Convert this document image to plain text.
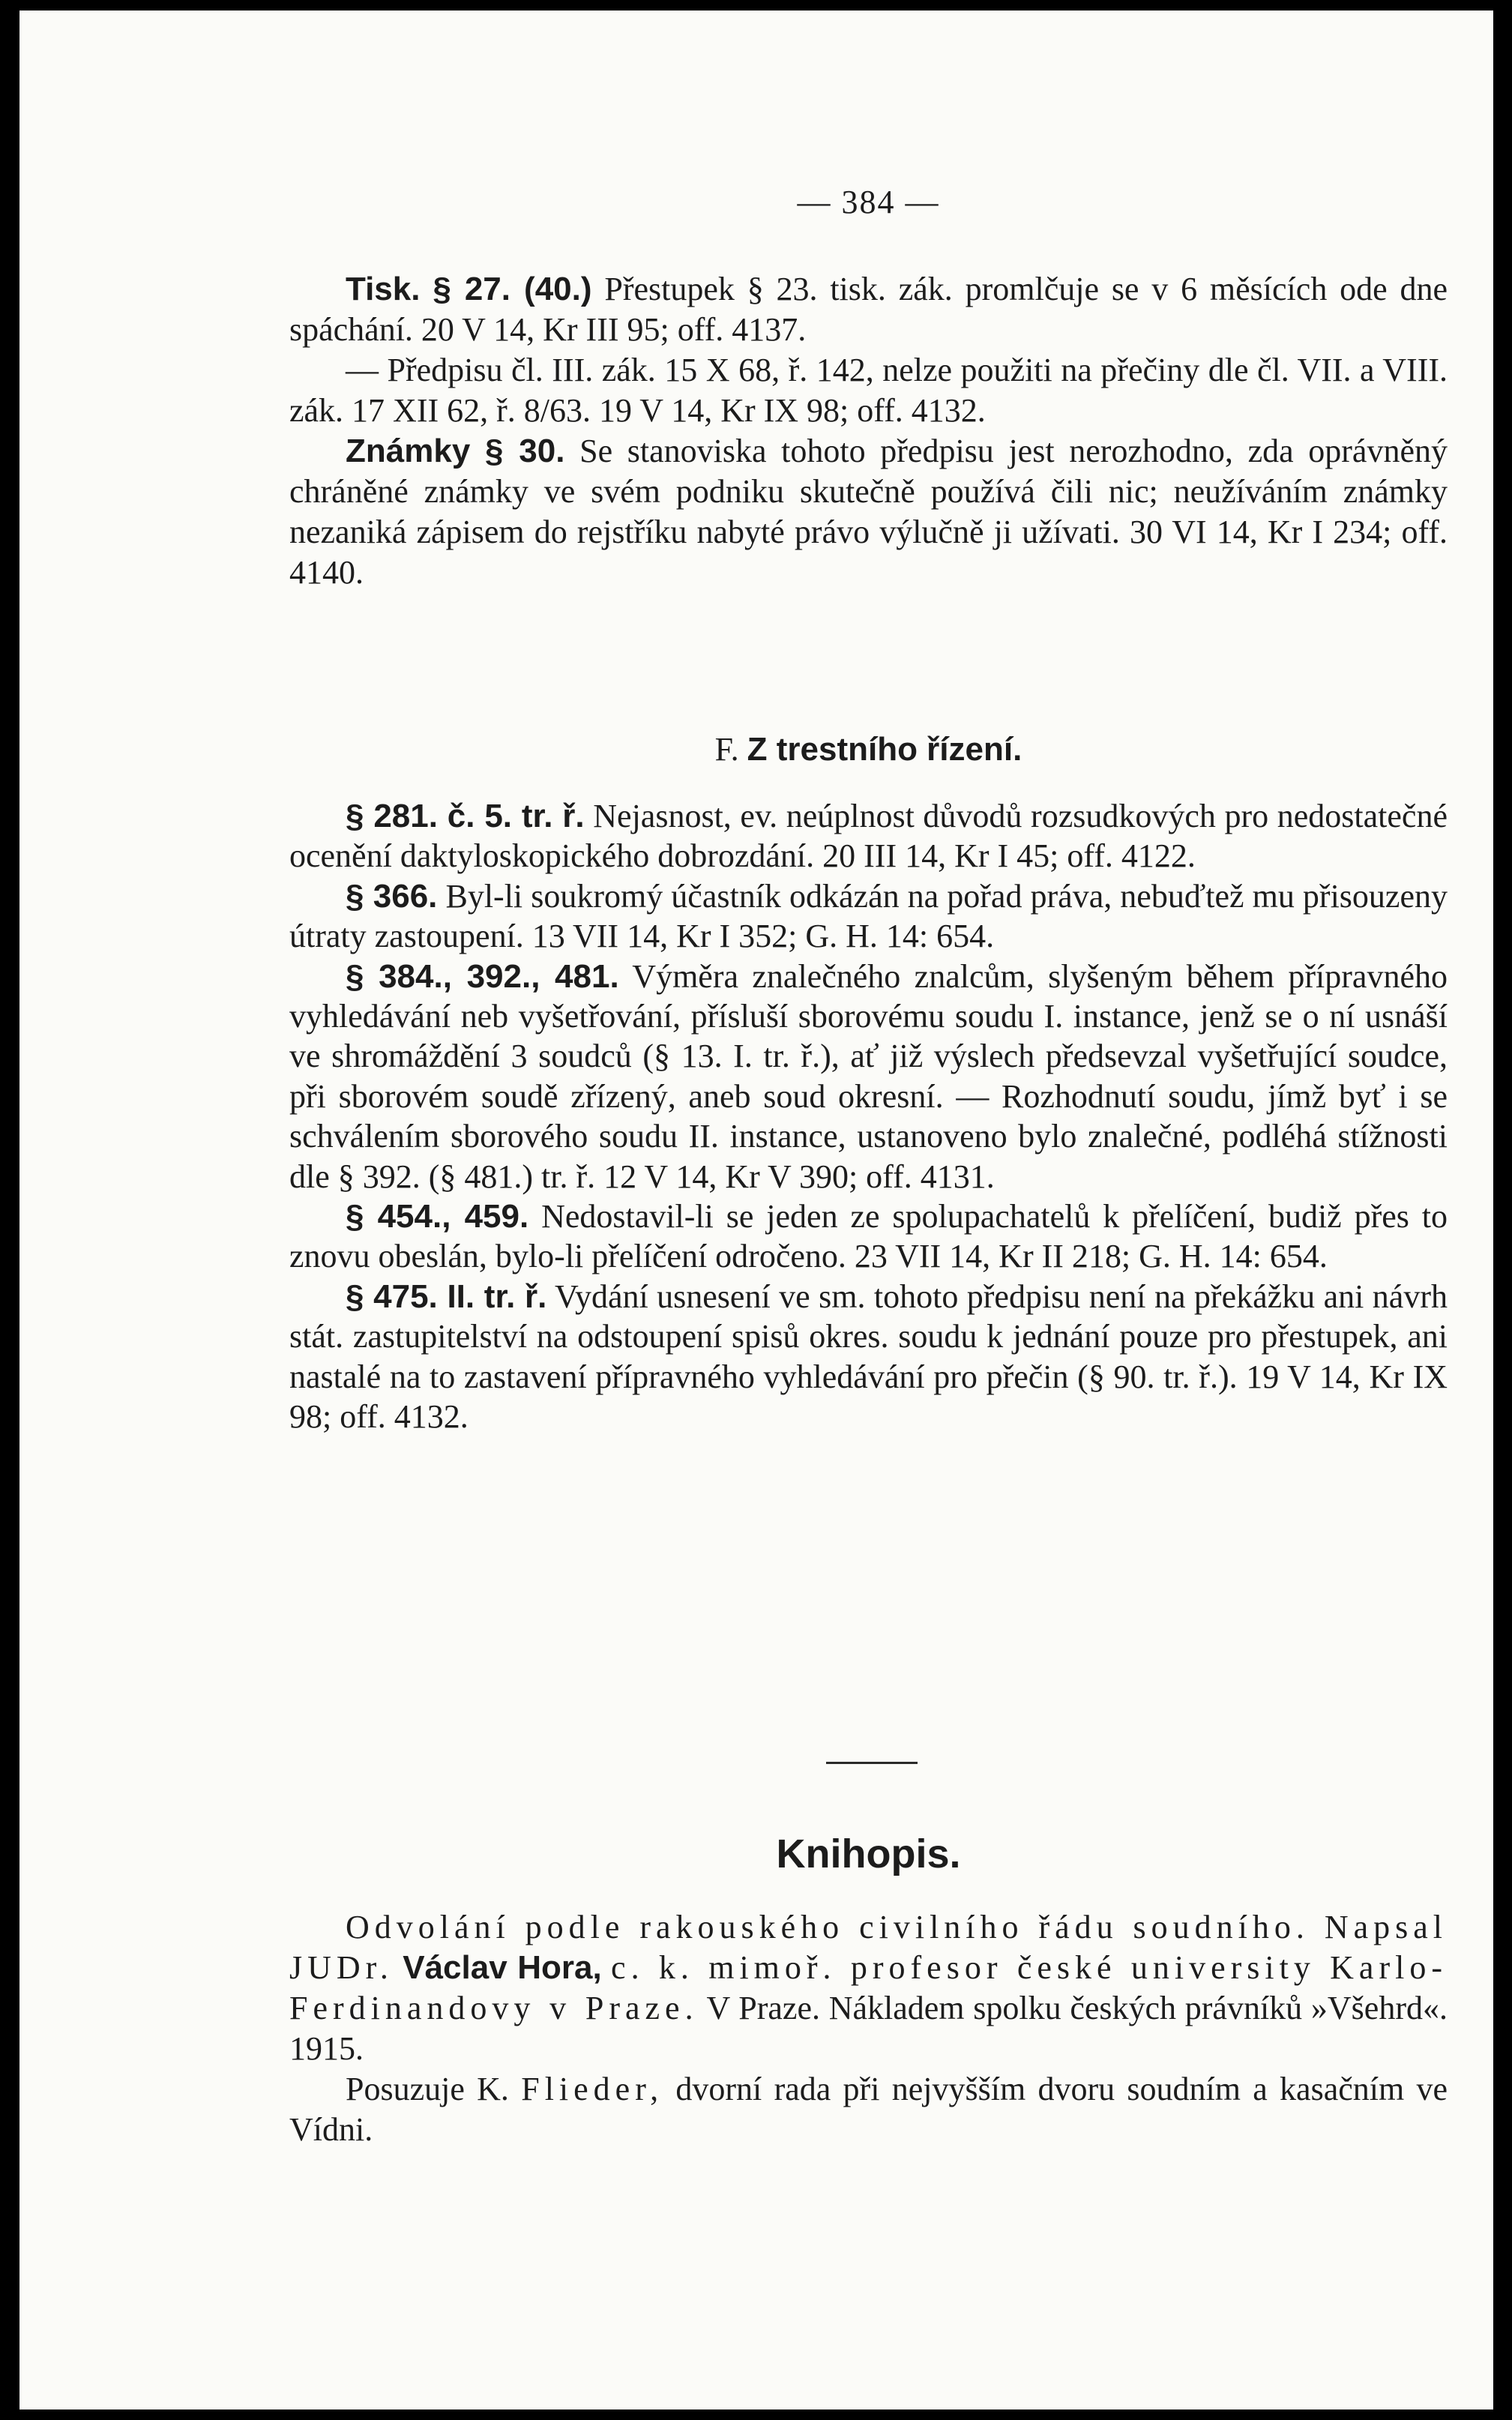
— 384 —

Tisk. § 27. (40.) Přestupek § 23. tisk. zák. promlčuje se v 6 měsících ode dne spáchání. 20 V 14, Kr III 95; off. 4137.

— Předpisu čl. III. zák. 15 X 68, ř. 142, nelze použiti na přečiny dle čl. VII. a VIII. zák. 17 XII 62, ř. 8/63. 19 V 14, Kr IX 98; off. 4132.

Známky § 30. Se stanoviska tohoto předpisu jest nerozhodno, zda oprávněný chráněné známky ve svém podniku skutečně používá čili nic; neužíváním známky nezaniká zápisem do rejstříku nabyté právo výlučně ji užívati. 30 VI 14, Kr I 234; off. 4140.

F. Z trestního řízení.

§ 281. č. 5. tr. ř. Nejasnost, ev. neúplnost důvodů rozsudkových pro nedostatečné ocenění daktyloskopického dobrozdání. 20 III 14, Kr I 45; off. 4122.

§ 366. Byl-li soukromý účastník odkázán na pořad práva, nebuďtež mu přisouzeny útraty zastoupení. 13 VII 14, Kr I 352; G. H. 14: 654.

§ 384., 392., 481. Výměra znalečného znalcům, slyšeným během přípravného vyhledávání neb vyšetřování, přísluší sborovému soudu I. instance, jenž se o ní usnáší ve shromáždění 3 soudců (§ 13. I. tr. ř.), ať již výslech předsevzal vyšetřující soudce, při sborovém soudě zřízený, aneb soud okresní. — Rozhodnutí soudu, jímž byť i se schválením sborového soudu II. instance, ustanoveno bylo znalečné, podléhá stížnosti dle § 392. (§ 481.) tr. ř. 12 V 14, Kr V 390; off. 4131.

§ 454., 459. Nedostavil-li se jeden ze spolupachatelů k přelíčení, budiž přes to znovu obeslán, bylo-li přelíčení odročeno. 23 VII 14, Kr II 218; G. H. 14: 654.

§ 475. II. tr. ř. Vydání usnesení ve sm. tohoto předpisu není na překážku ani návrh stát. zastupitelství na odstoupení spisů okres. soudu k jednání pouze pro přestupek, ani nastalé na to zastavení přípravného vyhledávání pro přečin (§ 90. tr. ř.). 19 V 14, Kr IX 98; off. 4132.

Knihopis.

Odvolání podle rakouského civilního řádu soudního. Napsal JUDr. Václav Hora, c. k. mimoř. profesor české university Karlo-Ferdinandovy v Praze. V Praze. Nákladem spolku českých právníků »Všehrd«. 1915.

Posuzuje K. Flieder, dvorní rada při nejvyšším dvoru soudním a kasačním ve Vídni.
